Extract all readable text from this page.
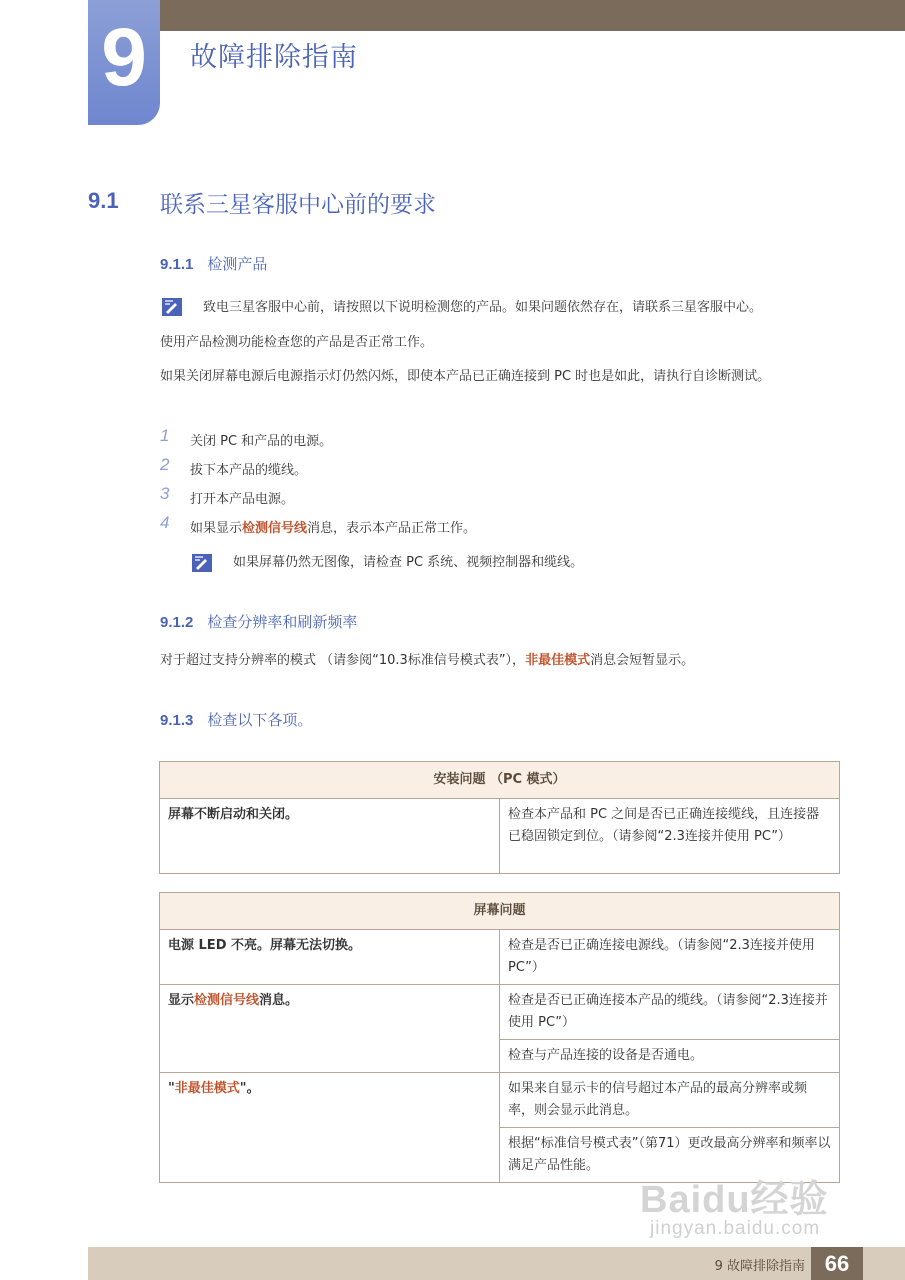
9	故障排除指南
9.1 联系三星客服中心前的要求
9.1.1 检测产品
致电三星客服中心前，请按照以下说明检测您的产品。如果问题依然存在，请联系三星客服中心。
使用产品检测功能检查您的产品是否正常工作。
如果关闭屏幕电源后电源指示灯仍然闪烁，即使本产品已正确连接到 PC 时也是如此，请执行自诊断测试。
1 关闭 PC 和产品的电源。
2 拔下本产品的缆线。
3 打开本产品电源。
4 如果显示检测信号线消息，表示本产品正常工作。
如果屏幕仍然无图像，请检查 PC 系统、视频控制器和缆线。
9.1.2 检查分辨率和刷新频率
对于超过支持分辨率的模式 （请参阅“10.3标准信号模式表”），非最佳模式消息会短暂显示。
9.1.3 检查以下各项。
安装问题 （PC 模式）
屏幕不断启动和关闭。	检查本产品和 PC 之间是否已正确连接缆线，且连接器已稳固锁定到位。（请参阅“2.3连接并使用 PC”）
屏幕问题	
电源 LED 不亮。屏幕无法切换。	检查是否已正确连接电源线。（请参阅“2.3连接并使用 PC”）
显示检测信号线消息。	检查是否已正确连接本产品的缆线。（请参阅“2.3连接并使用 PC”）
	检查与产品连接的设备是否通电。
"非最佳模式"。	如果来自显示卡的信号超过本产品的最高分辨率或频率，则会显示此消息。
	根据“标准信号模式表”（第71）更改最高分辨率和频率以满足产品性能。
Baidu经验
jingyan.baidu.com
9 故障排除指南 66
